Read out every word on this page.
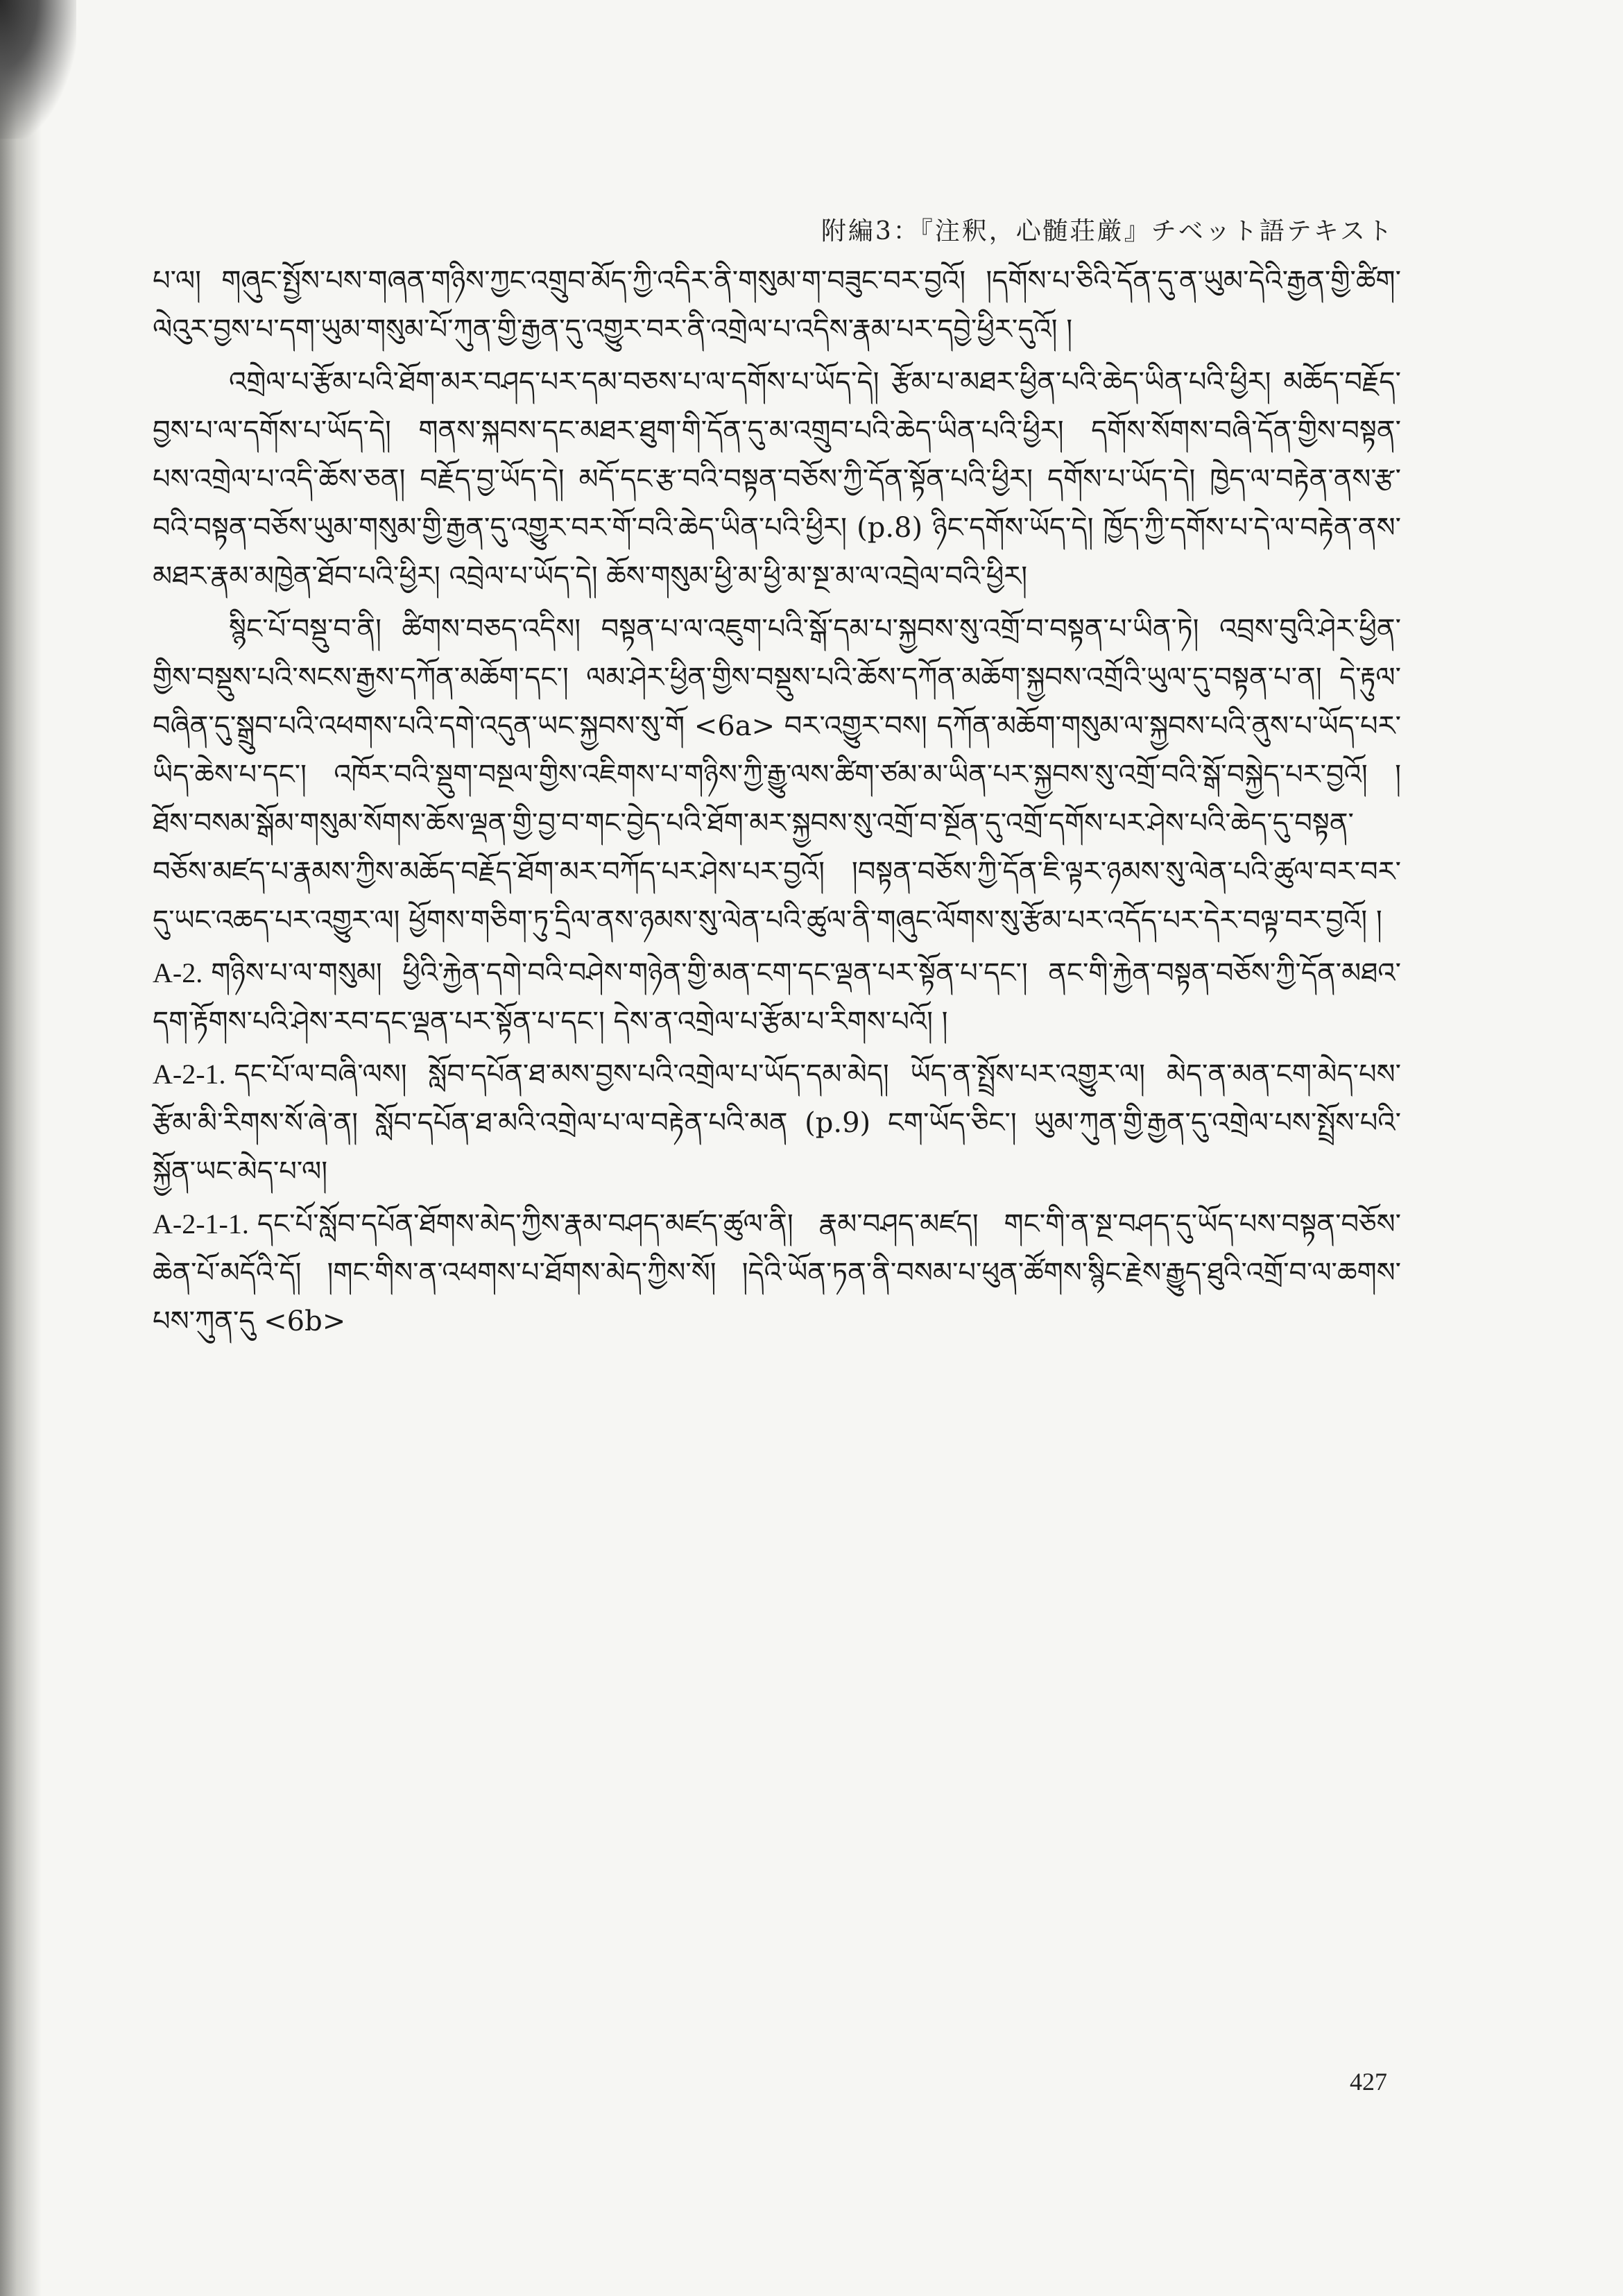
附編3：『注釈，心髄荘厳』チベット語テキスト

པ་ལ། གཞུང་སྤྱོས་པས་གཞན་གཉིས་ཀྱང་འགྲུབ་མོད་ཀྱི་འདིར་ནི་གསུམ་ག་བཟུང་བར་བྱའོ། །དགོས་པ་ཅིའི་དོན་དུ་ན་ཡུམ་དེའི་རྒྱན་གྱི་ཚིག་ལེའུར་བྱས་པ་དག་ཡུམ་གསུམ་པོ་ཀུན་གྱི་རྒྱན་དུ་འགྱུར་བར་ནི་འགྲེལ་པ་འདིས་རྣམ་པར་དབྱེ་ཕྱིར་དུའོ། །

འགྲེལ་པ་རྩོམ་པའི་ཐོག་མར་བཤད་པར་དམ་བཅས་པ་ལ་དགོས་པ་ཡོད་དེ། རྩོམ་པ་མཐར་ཕྱིན་པའི་ཆེད་ཡིན་པའི་ཕྱིར། མཆོད་བརྗོད་བྱས་པ་ལ་དགོས་པ་ཡོད་དེ། གནས་སྐབས་དང་མཐར་ཐུག་གི་དོན་དུ་མ་འགྲུབ་པའི་ཆེད་ཡིན་པའི་ཕྱིར། དགོས་སོགས་བཞི་དོན་གྱིས་བསྟན་པས་འགྲེལ་པ་འདི་ཆོས་ཅན། བརྗོད་བྱ་ཡོད་དེ། མདོ་དང་རྩ་བའི་བསྟན་བཅོས་ཀྱི་དོན་སྟོན་པའི་ཕྱིར། དགོས་པ་ཡོད་དེ། ཁྱེད་ལ་བརྟེན་ནས་རྩ་བའི་བསྟན་བཅོས་ཡུམ་གསུམ་གྱི་རྒྱན་དུ་འགྱུར་བར་གོ་བའི་ཆེད་ཡིན་པའི་ཕྱིར། (p.8) ཉིང་དགོས་ཡོད་དེ། ཁྱོད་ཀྱི་དགོས་པ་དེ་ལ་བརྟེན་ནས་མཐར་རྣམ་མཁྱེན་ཐོབ་པའི་ཕྱིར། འབྲེལ་པ་ཡོད་དེ། ཆོས་གསུམ་ཕྱི་མ་ཕྱི་མ་སྔ་མ་ལ་འབྲེལ་བའི་ཕྱིར།

སྙིང་པོ་བསྡུ་བ་ནི། ཚིགས་བཅད་འདིས། བསྟན་པ་ལ་འཇུག་པའི་སྒོ་དམ་པ་སྐྱབས་སུ་འགྲོ་བ་བསྟན་པ་ཡིན་ཏེ། འབྲས་བུའི་ཤེར་ཕྱིན་གྱིས་བསྡུས་པའི་སངས་རྒྱས་དཀོན་མཆོག་དང་། ལམ་ཤེར་ཕྱིན་གྱིས་བསྡུས་པའི་ཆོས་དཀོན་མཆོག་སྐྱབས་འགྲོའི་ཡུལ་དུ་བསྟན་པ་ན། དེ་རྟུལ་བཞིན་དུ་སྒྲུབ་པའི་འཕགས་པའི་དགེ་འདུན་ཡང་སྐྱབས་སུ་གོ <6a> བར་འགྱུར་བས། དཀོན་མཆོག་གསུམ་ལ་སྐྱབས་པའི་ནུས་པ་ཡོད་པར་ཡིད་ཆེས་པ་དང་། འཁོར་བའི་སྡུག་བསྔལ་གྱིས་འཇིགས་པ་གཉིས་ཀྱི་རྒྱུ་ལས་ཚིག་ཙམ་མ་ཡིན་པར་སྐྱབས་སུ་འགྲོ་བའི་སྒོ་བསྐྱེད་པར་བྱའོ། །ཐོས་བསམ་སྒོམ་གསུམ་སོགས་ཆོས་ལྡན་གྱི་བྱ་བ་གང་བྱེད་པའི་ཐོག་མར་སྐྱབས་སུ་འགྲོ་བ་སྔོན་དུ་འགྲོ་དགོས་པར་ཤེས་པའི་ཆེད་དུ་བསྟན་བཅོས་མཛད་པ་རྣམས་ཀྱིས་མཆོད་བརྗོད་ཐོག་མར་བཀོད་པར་ཤེས་པར་བྱའོ། །བསྟན་བཅོས་ཀྱི་དོན་ཇི་ལྟར་ཉམས་སུ་ལེན་པའི་ཚུལ་བར་བར་དུ་ཡང་འཆད་པར་འགྱུར་ལ། ཕྱོགས་གཅིག་ཏུ་དྲིལ་ནས་ཉམས་སུ་ལེན་པའི་ཚུལ་ནི་གཞུང་ལོགས་སུ་རྩོམ་པར་འདོད་པར་དེར་བལྟ་བར་བྱའོ། །

A-2. གཉིས་པ་ལ་གསུམ། ཕྱིའི་རྐྱེན་དགེ་བའི་བཤེས་གཉེན་གྱི་མན་ངག་དང་ལྡན་པར་སྟོན་པ་དང་། ནང་གི་རྐྱེན་བསྟན་བཅོས་ཀྱི་དོན་མཐའ་དག་རྟོགས་པའི་ཤེས་རབ་དང་ལྡན་པར་སྟོན་པ་དང་། དེས་ན་འགྲེལ་པ་རྩོམ་པ་རིགས་པའོ། །

A-2-1. དང་པོ་ལ་བཞི་ལས། སློབ་དཔོན་ཐ་མས་བྱས་པའི་འགྲེལ་པ་ཡོད་དམ་མེད། ཡོད་ན་སྤྲོས་པར་འགྱུར་ལ། མེད་ན་མན་ངག་མེད་པས་རྩོམ་མི་རིགས་སོ་ཞེ་ན། སློབ་དཔོན་ཐ་མའི་འགྲེལ་པ་ལ་བརྟེན་པའི་མན (p.9) ངག་ཡོད་ཅིང་། ཡུམ་ཀུན་གྱི་རྒྱན་དུ་འགྲེལ་པས་སྤྲོས་པའི་སྐྱོན་ཡང་མེད་པ་ལ།

A-2-1-1. དང་པོ་སློབ་དཔོན་ཐོགས་མེད་ཀྱིས་རྣམ་བཤད་མཛད་ཚུལ་ནི། རྣམ་བཤད་མཛད། གང་གི་ན་སྔ་བཤད་དུ་ཡོད་པས་བསྟན་བཅོས་ཆེན་པོ་མདོའི་དོ། །གང་གིས་ན་འཕགས་པ་ཐོགས་མེད་ཀྱིས་སོ། །དེའི་ཡོན་ཏན་ནི་བསམ་པ་ཕུན་ཚོགས་སྙིང་རྗེས་རྒྱུད་ཐུའི་འགྲོ་བ་ལ་ཆགས་པས་ཀུན་དུ <6b>

427
